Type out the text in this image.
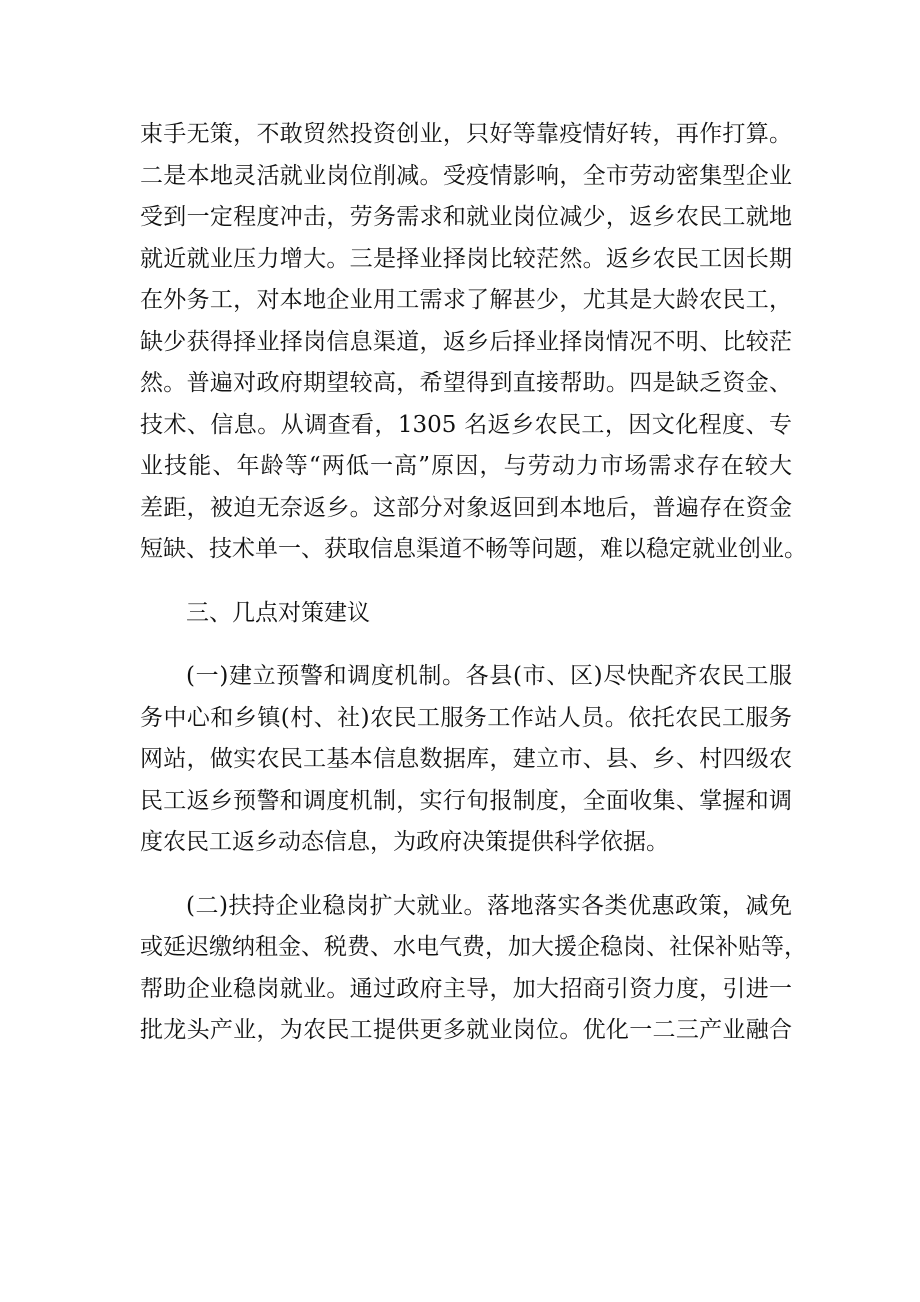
束手无策，不敢贸然投资创业，只好等靠疫情好转，再作打算。
二是本地灵活就业岗位削减。受疫情影响，全市劳动密集型企业
受到一定程度冲击，劳务需求和就业岗位减少，返乡农民工就地
就近就业压力增大。三是择业择岗比较茫然。返乡农民工因长期
在外务工，对本地企业用工需求了解甚少，尤其是大龄农民工，
缺少获得择业择岗信息渠道，返乡后择业择岗情况不明、比较茫
然。普遍对政府期望较高，希望得到直接帮助。四是缺乏资金、
技术、信息。从调查看，1305 名返乡农民工，因文化程度、专
业技能、年龄等“两低一高”原因，与劳动力市场需求存在较大
差距，被迫无奈返乡。这部分对象返回到本地后，普遍存在资金
短缺、技术单一、获取信息渠道不畅等问题，难以稳定就业创业。
三、几点对策建议
(一)建立预警和调度机制。各县(市、区)尽快配齐农民工服
务中心和乡镇(村、社)农民工服务工作站人员。依托农民工服务
网站，做实农民工基本信息数据库，建立市、县、乡、村四级农
民工返乡预警和调度机制，实行旬报制度，全面收集、掌握和调
度农民工返乡动态信息，为政府决策提供科学依据。
(二)扶持企业稳岗扩大就业。落地落实各类优惠政策，减免
或延迟缴纳租金、税费、水电气费，加大援企稳岗、社保补贴等，
帮助企业稳岗就业。通过政府主导，加大招商引资力度，引进一
批龙头产业，为农民工提供更多就业岗位。优化一二三产业融合
